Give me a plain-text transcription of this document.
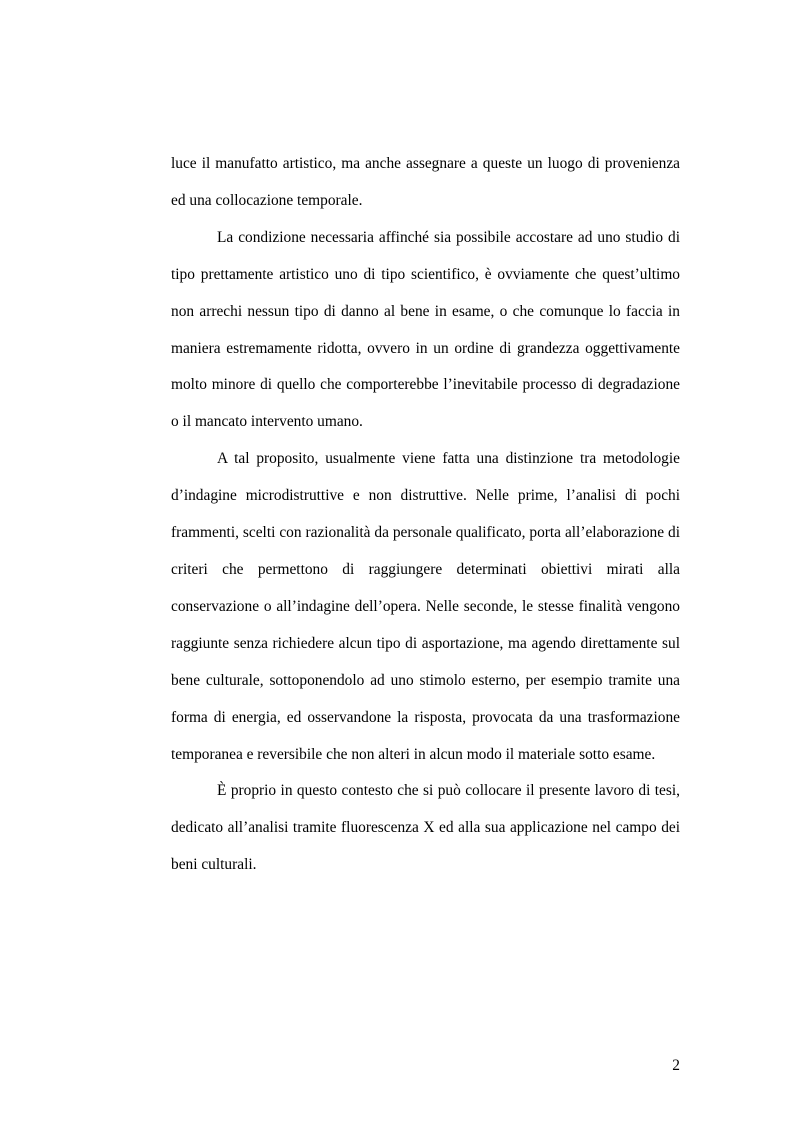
luce il manufatto artistico, ma anche assegnare a queste un luogo di provenienza ed una collocazione temporale.

La condizione necessaria affinché sia possibile accostare ad uno studio di tipo prettamente artistico uno di tipo scientifico, è ovviamente che quest’ultimo non arrechi nessun tipo di danno al bene in esame, o che comunque lo faccia in maniera estremamente ridotta, ovvero in un ordine di grandezza oggettivamente molto minore di quello che comporterebbe l’inevitabile processo di degradazione o il mancato intervento umano.

A tal proposito, usualmente viene fatta una distinzione tra metodologie d’indagine microdistruttive e non distruttive. Nelle prime, l’analisi di pochi frammenti, scelti con razionalità da personale qualificato, porta all’elaborazione di criteri che permettono di raggiungere determinati obiettivi mirati alla conservazione o all’indagine dell’opera. Nelle seconde, le stesse finalità vengono raggiunte senza richiedere alcun tipo di asportazione, ma agendo direttamente sul bene culturale, sottoponendolo ad uno stimolo esterno, per esempio tramite una forma di energia, ed osservandone la risposta, provocata da una trasformazione temporanea e reversibile che non alteri in alcun modo il materiale sotto esame.

È proprio in questo contesto che si può collocare il presente lavoro di tesi, dedicato all’analisi tramite fluorescenza X ed alla sua applicazione nel campo dei beni culturali.

2
